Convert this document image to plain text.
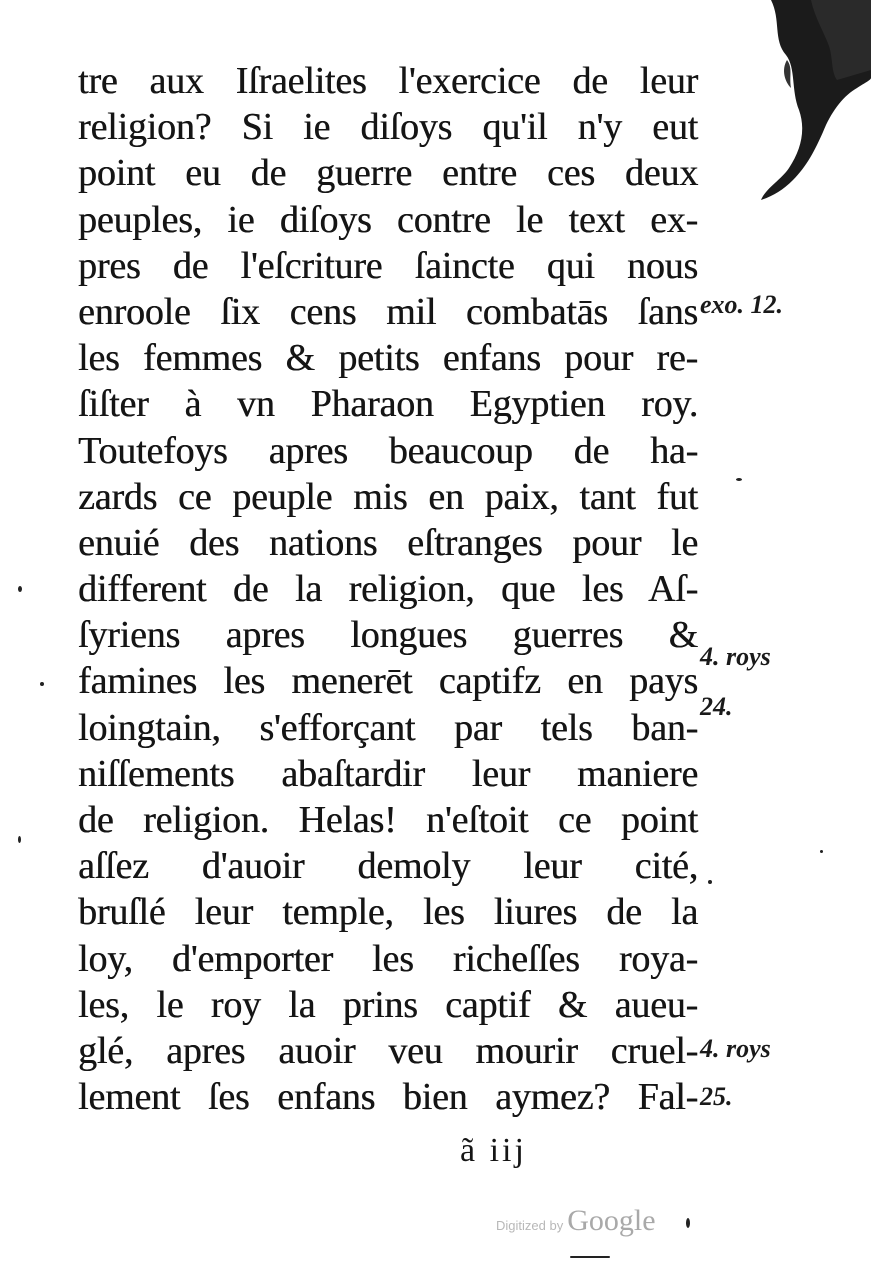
tre aux Iſraelites l'exercice de leur
religion? Si ie diſoys qu'il n'y eut
point eu de guerre entre ces deux
peuples, ie diſoys contre le text ex-
pres de l'eſcriture ſaincte qui nous
enroole ſix cens mil combatās ſans
les femmes & petits enfans pour re-
ſiſter à vn Pharaon Egyptien roy.
Toutefoys apres beaucoup de ha-
zards ce peuple mis en paix, tant fut
enuié des nations eſtranges pour le
different de la religion, que les Aſ-
ſyriens apres longues guerres &
famines les menerēt captifz en pays
loingtain, s'efforçant par tels ban-
niſſements abaſtardir leur maniere
de religion. Helas! n'eſtoit ce point
aſſez d'auoir demoly leur cité,
bruſlé leur temple, les liures de la
loy, d'emporter les richeſſes roya-
les, le roy la prins captif & aueu-
glé, apres auoir veu mourir cruel-
lement ſes enfans bien aymez? Fal-
exo. 12.
4. roys
24.
4. roys
25.
ã iij
Digitized by Google
